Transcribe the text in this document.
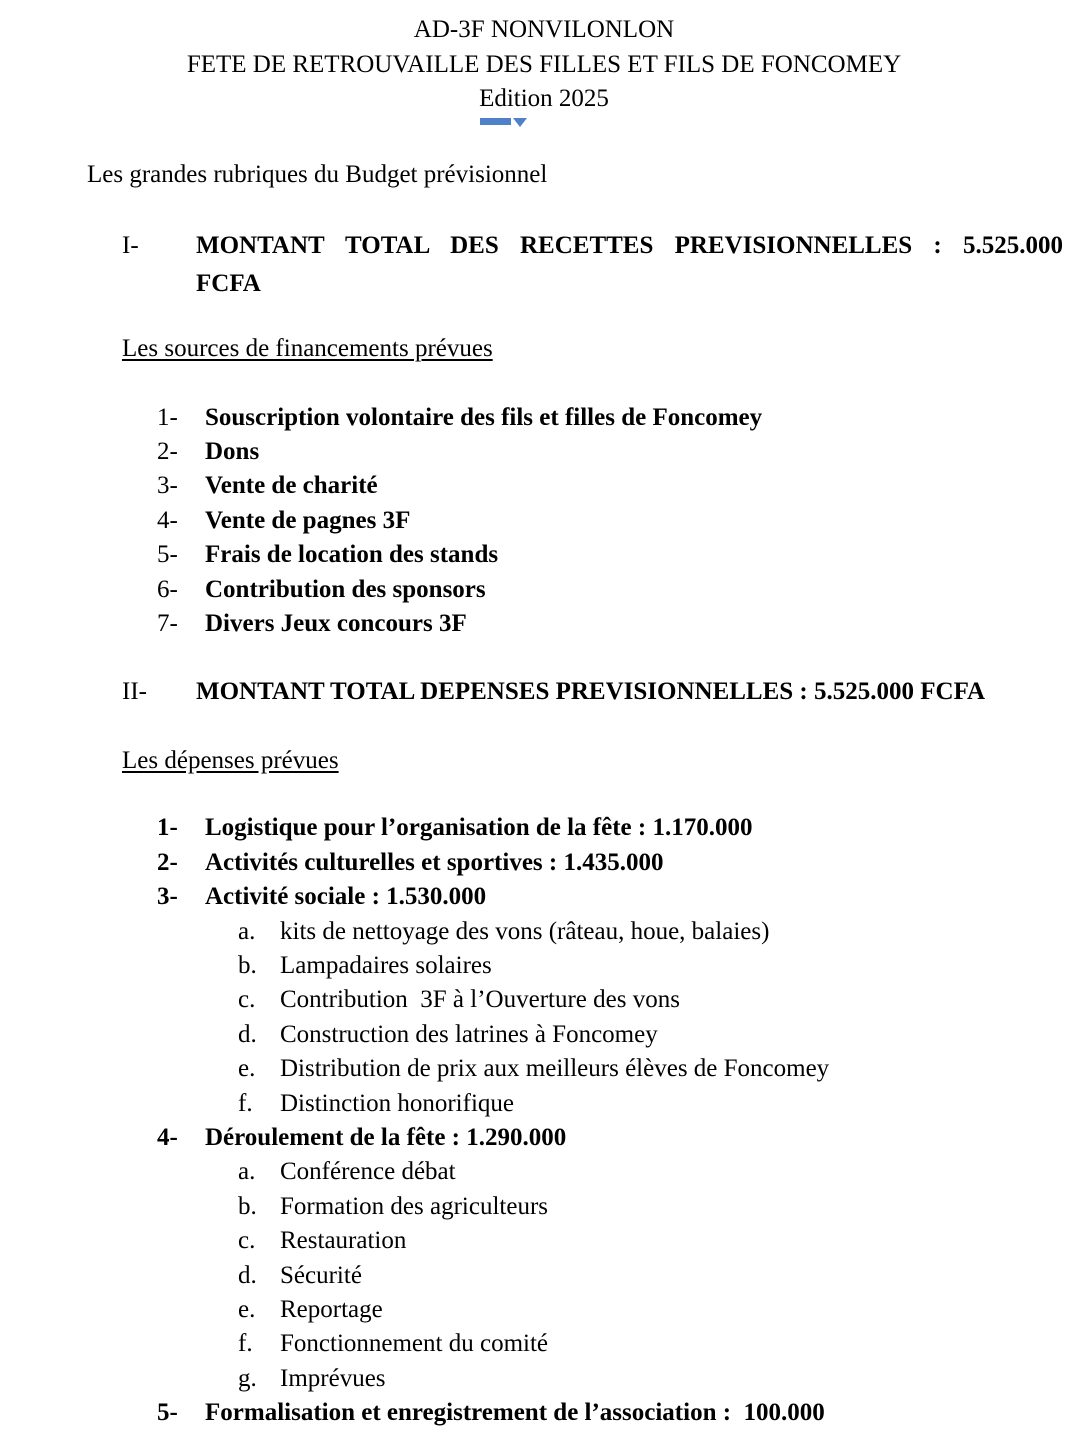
AD-3F NONVILONLON
FETE DE RETROUVAILLE DES FILLES ET FILS DE FONCOMEY
Edition 2025
Les grandes rubriques du Budget prévisionnel
I-	MONTANT TOTAL DES RECETTES PREVISIONNELLES : 5.525.000
FCFA
Les sources de financements prévues
1-	Souscription volontaire des fils et filles de Foncomey
2-	Dons
3-	Vente de charité
4-	Vente de pagnes 3F
5-	Frais de location des stands
6-	Contribution des sponsors
7-	Divers Jeux concours 3F
II-	MONTANT TOTAL DEPENSES PREVISIONNELLES : 5.525.000 FCFA
Les dépenses prévues
1-	Logistique pour l’organisation de la fête : 1.170.000
2-	Activités culturelles et sportives : 1.435.000
3-	Activité sociale : 1.530.000
a. kits de nettoyage des vons (râteau, houe, balaies)
b. Lampadaires solaires
c. Contribution  3F à l’Ouverture des vons
d. Construction des latrines à Foncomey
e. Distribution de prix aux meilleurs élèves de Foncomey
f.	Distinction honorifique
4-	Déroulement de la fête : 1.290.000
a. Conférence débat
b. Formation des agriculteurs
c. Restauration
d. Sécurité
e. Reportage
f.	Fonctionnement du comité
g. Imprévues
5-	Formalisation et enregistrement de l’association :  100.000
